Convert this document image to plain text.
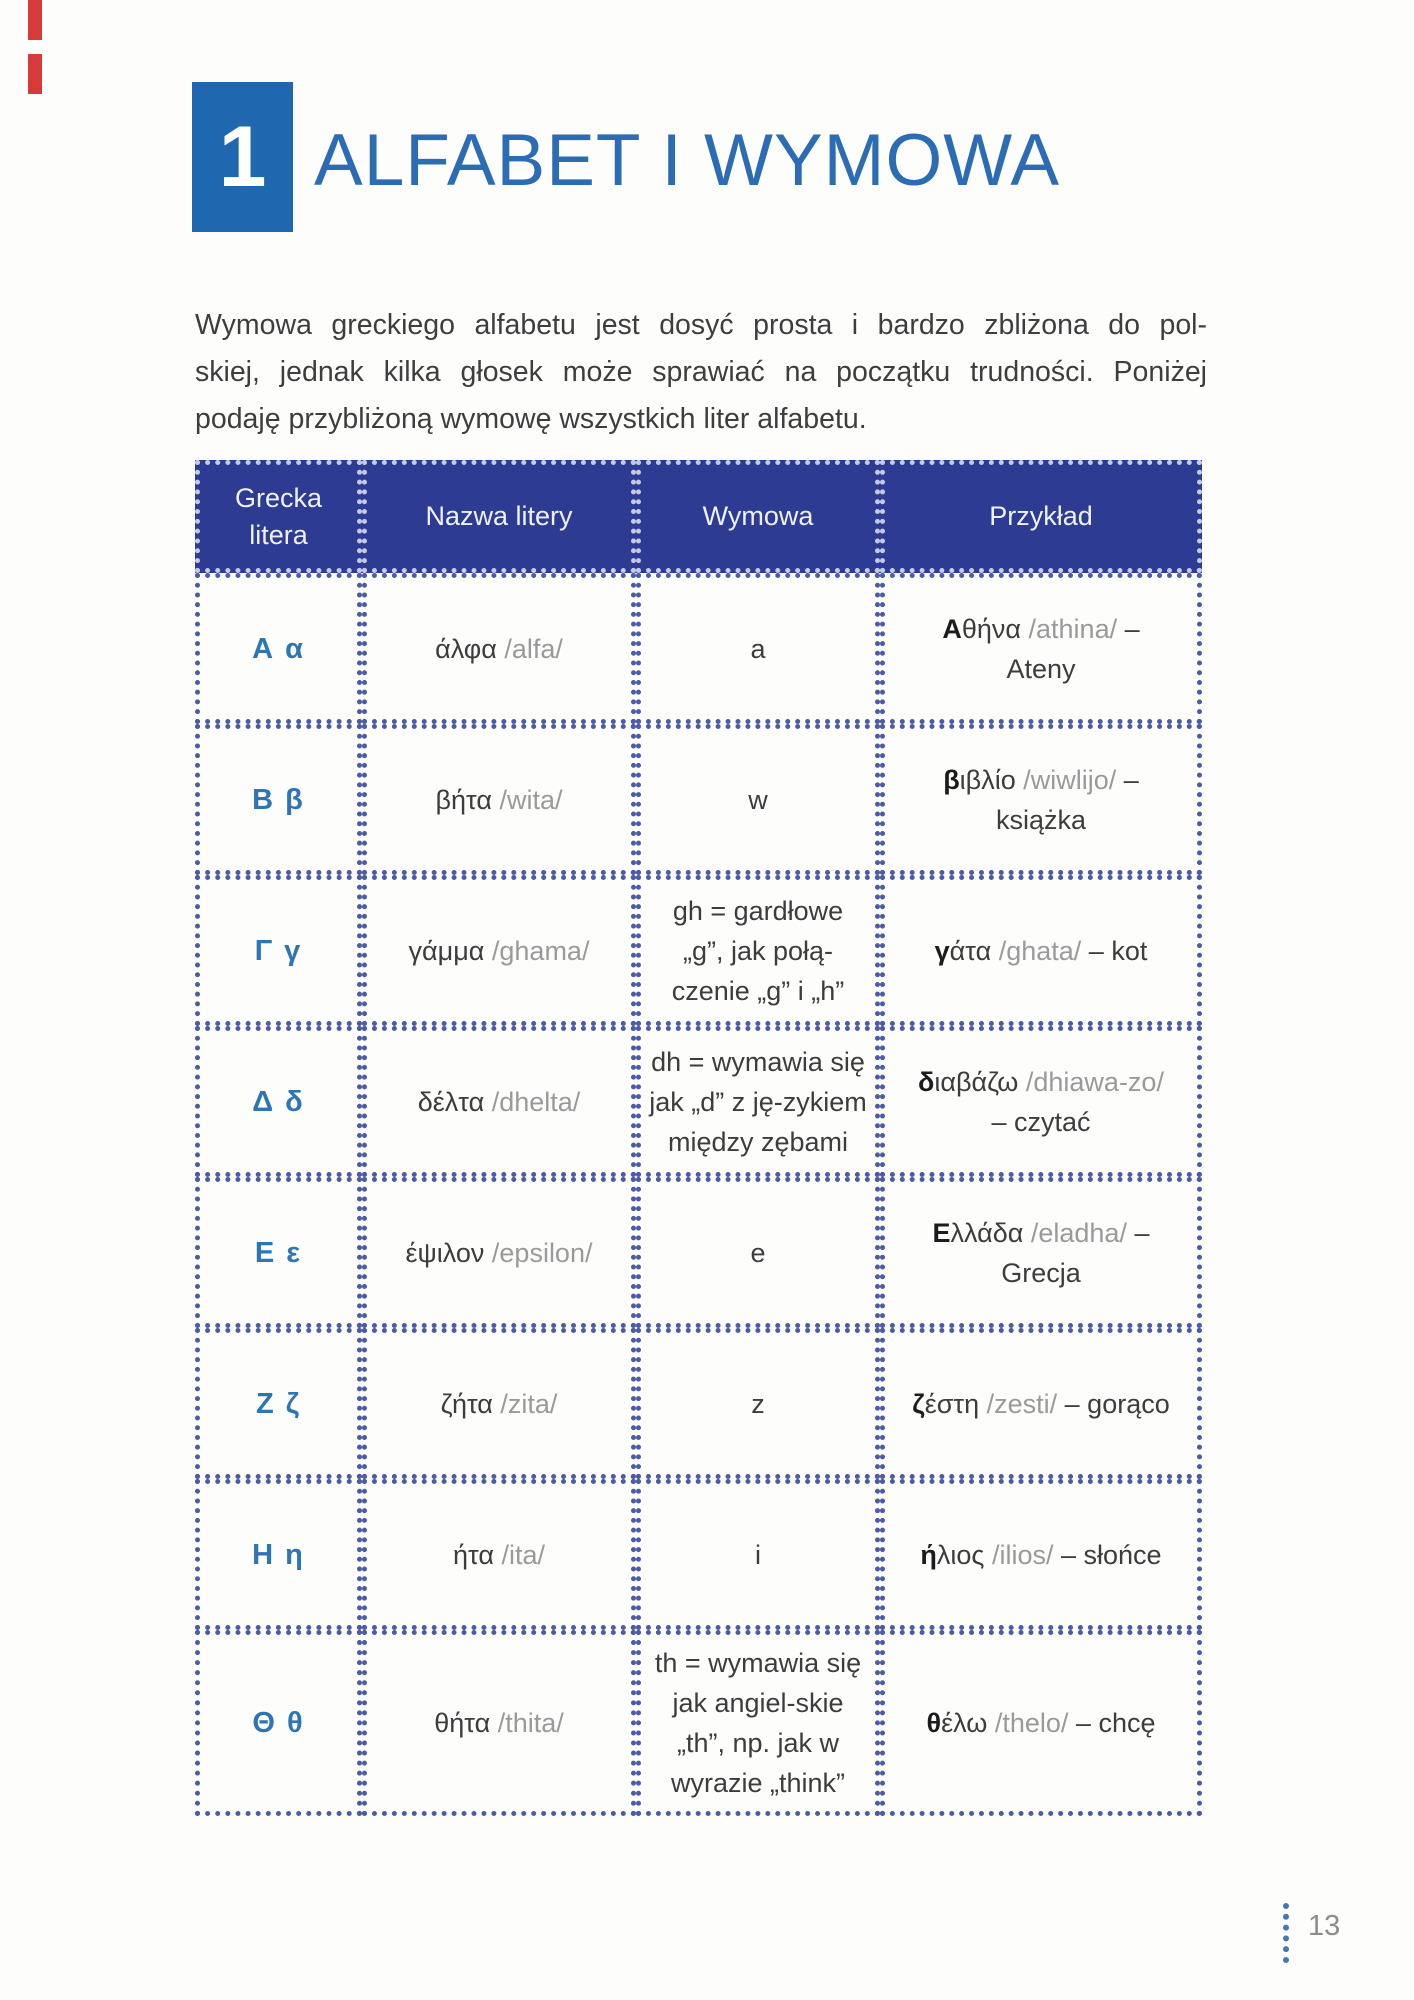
1 ALFABET I WYMOWA
Wymowa greckiego alfabetu jest dosyć prosta i bardzo zbliżona do pol-
skiej, jednak kilka głosek może sprawiać na początku trudności. Poniżej
podaję przybliżoną wymowę wszystkich liter alfabetu.
Grecka litera	Nazwa litery	Wymowa	Przykład
Α α	άλφα /alfa/	a	Αθήνα /athina/ – Ateny
Β β	βήτα /wita/	w	βιβλίο /wiwlijo/ – książka
Γ γ	γάμμα /ghama/	gh = gardłowe „g”, jak połą-czenie „g” i „h”	γάτα /ghata/ – kot
Δ δ	δέλτα /dhelta/	dh = wymawia się jak „d” z ję-zykiem między zębami	διαβάζω /dhiawa-zo/ – czytać
Ε ε	έψιλον /epsilon/	e	Ελλάδα /eladha/ – Grecja
Ζ ζ	ζήτα /zita/	z	ζέστη /zesti/ – gorąco
Η η	ήτα /ita/	i	ήλιος /ilios/ – słońce
Θ θ	θήτα /thita/	th = wymawia się jak angiel-skie „th”, np. jak w wyrazie „think”	θέλω /thelo/ – chcę
13
